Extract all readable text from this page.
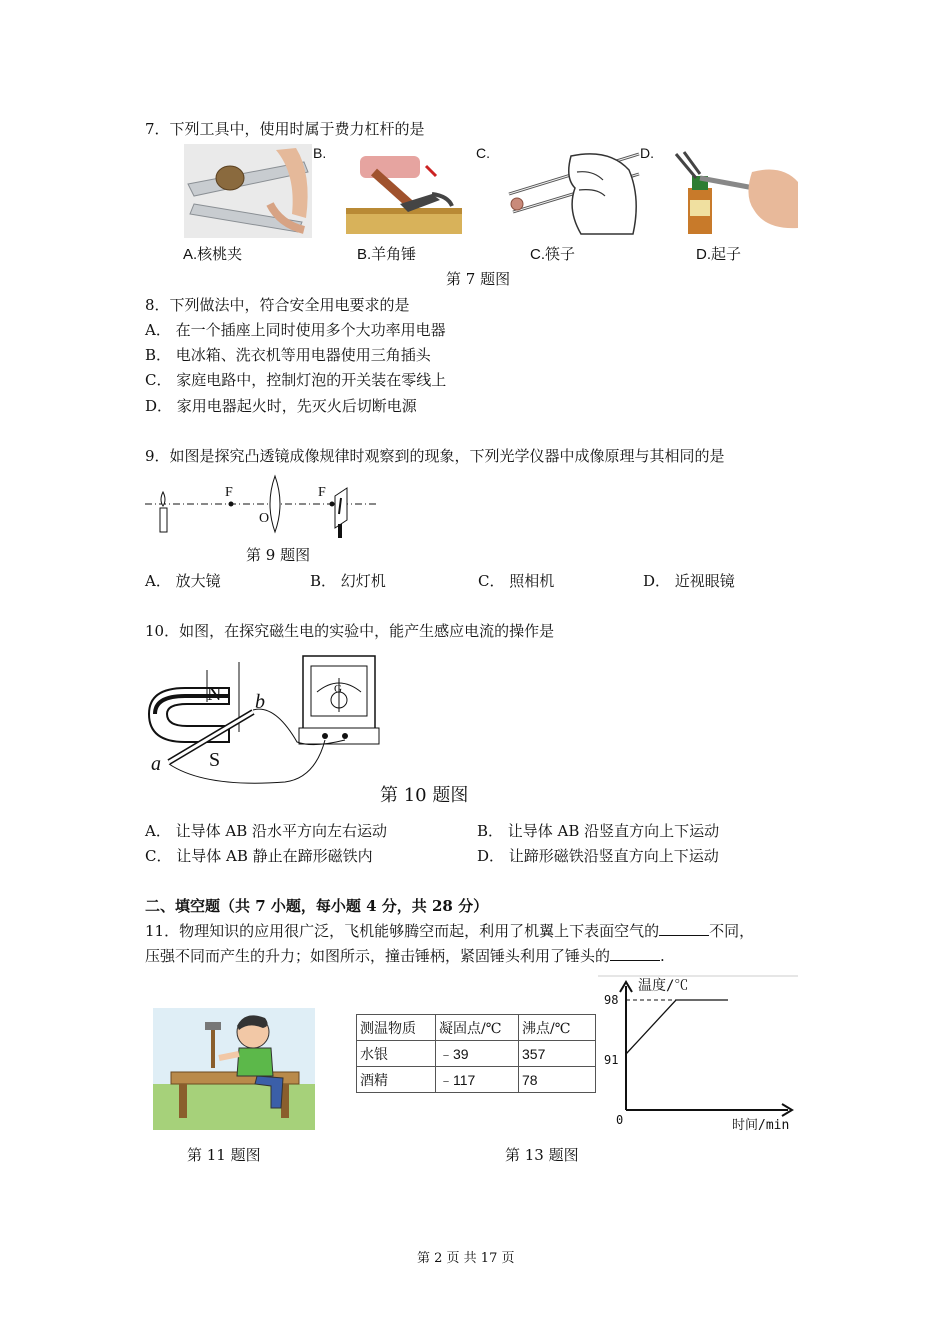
7．下列工具中，使用时属于费力杠杆的是
B.	C.	D.
A.核桃夹	B.羊角锤	C.筷子	D.起子
第 7 题图
8．下列做法中，符合安全用电要求的是
A． 在一个插座上同时使用多个大功率用电器
B． 电冰箱、洗衣机等用电器使用三角插头
C． 家庭电路中，控制灯泡的开关装在零线上
D． 家用电器起火时，先灭火后切断电源
9．如图是探究凸透镜成像规律时观察到的现象，下列光学仪器中成像原理与其相同的是
F
O
F
第 9 题图
A． 放大镜	B． 幻灯机	C． 照相机	D． 近视眼镜
10．如图，在探究磁生电的实验中，能产生感应电流的操作是
G
N
S
a
b
第 10 题图
A． 让导体 AB 沿水平方向左右运动	B． 让导体 AB 沿竖直方向上下运动
C． 让导体 AB 静止在蹄形磁铁内	D． 让蹄形磁铁沿竖直方向上下运动
二、填空题（共 7 小题，每小题 4 分，共 28 分）
11．物理知识的应用很广泛，飞机能够腾空而起，利用了机翼上下表面空气的	不同，
压强不同而产生的升力；如图所示，撞击锤柄，紧固锤头利用了锤头的	.
第 11 题图
测温物质	凝固点/℃	沸点/℃
水银	﹣39	357
酒精	﹣117	78
温度/℃
时间/min
98
91
0
第 13 题图
第 2 页 共 17 页
